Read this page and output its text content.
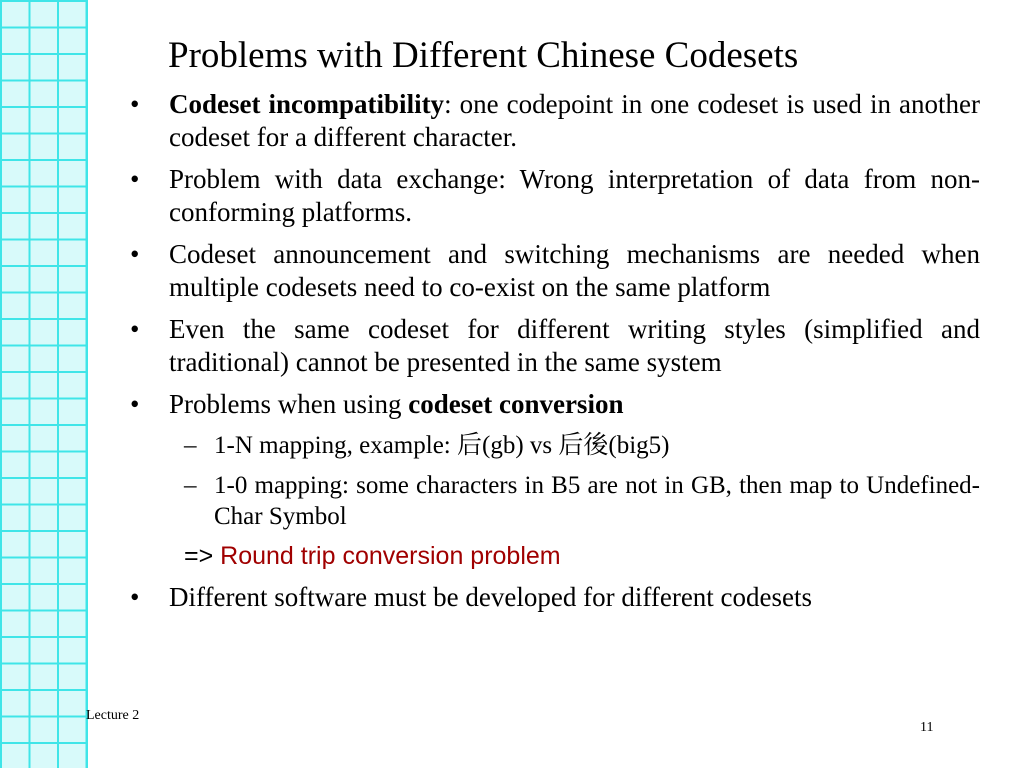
Problems with Different Chinese Codesets
• Codeset incompatibility: one codepoint in one codeset is used in another codeset for a different character.
• Problem with data exchange: Wrong interpretation of data from non-conforming platforms.
• Codeset announcement and switching mechanisms are needed when multiple codesets need to co-exist on the same platform
• Even the same codeset for different writing styles (simplified and traditional) cannot be presented in the same system
• Problems when using codeset conversion
– 1-N mapping, example: 后(gb) vs 后後(big5)
– 1-0 mapping: some characters in B5 are not in GB, then map to Undefined-Char Symbol
=> Round trip conversion problem
• Different software must be developed for different codesets
Lecture 2
11
